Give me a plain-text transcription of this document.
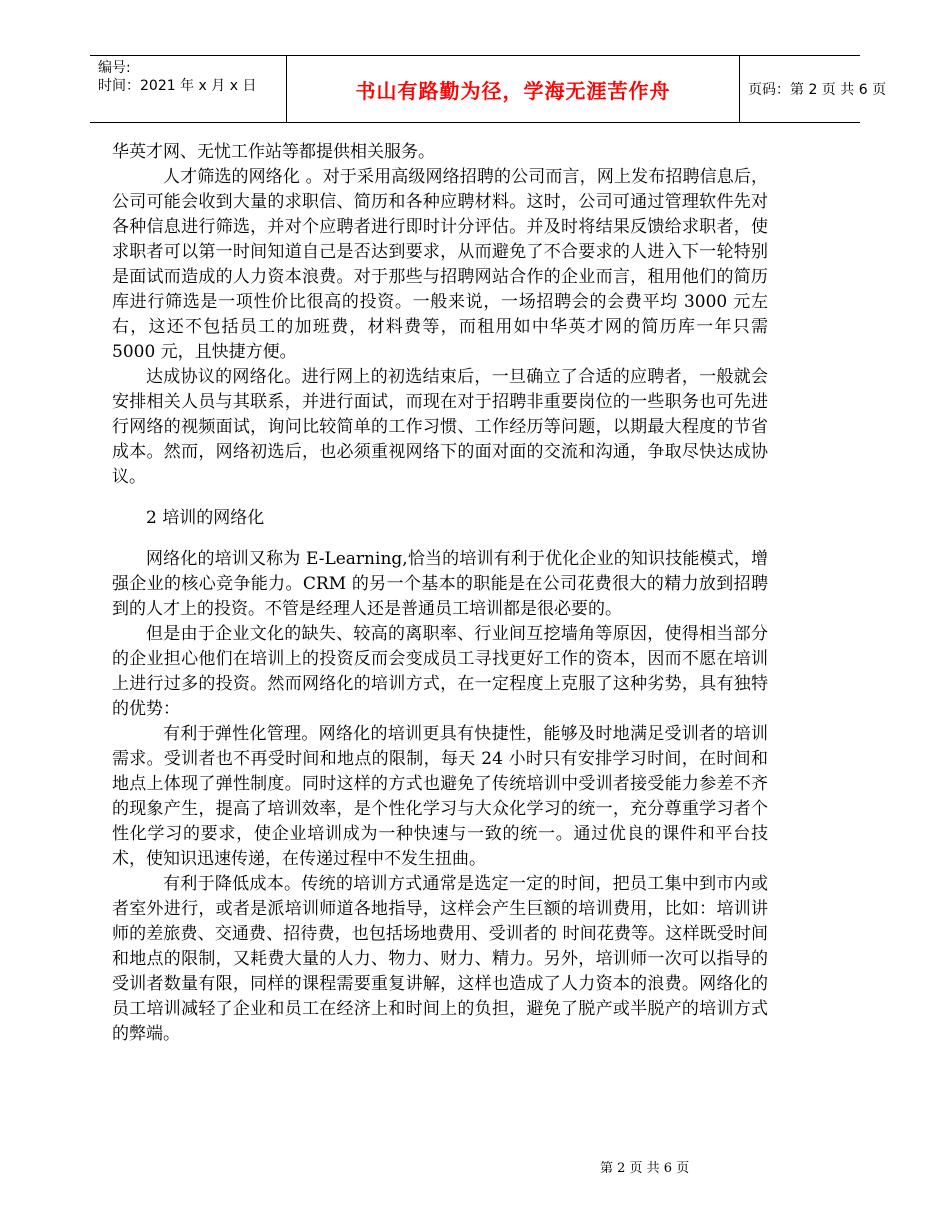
编号:
时间：2021 年 x 月 x 日	书山有路勤为径，学海无涯苦作舟	页码：第 2 页 共 6 页

华英才网、无忧工作站等都提供相关服务。

人才筛选的网络化 。对于采用高级网络招聘的公司而言，网上发布招聘信息后，公司可能会收到大量的求职信、简历和各种应聘材料。这时，公司可通过管理软件先对各种信息进行筛选，并对个应聘者进行即时计分评估。并及时将结果反馈给求职者，使求职者可以第一时间知道自己是否达到要求，从而避免了不合要求的人进入下一轮特别是面试而造成的人力资本浪费。对于那些与招聘网站合作的企业而言，租用他们的简历库进行筛选是一项性价比很高的投资。一般来说，一场招聘会的会费平均 3000 元左右，这还不包括员工的加班费，材料费等，而租用如中华英才网的简历库一年只需 5000 元，且快捷方便。

达成协议的网络化。进行网上的初选结束后，一旦确立了合适的应聘者，一般就会安排相关人员与其联系，并进行面试，而现在对于招聘非重要岗位的一些职务也可先进行网络的视频面试，询问比较简单的工作习惯、工作经历等问题，以期最大程度的节省成本。然而，网络初选后，也必须重视网络下的面对面的交流和沟通，争取尽快达成协议。

2 培训的网络化

网络化的培训又称为 E-Learning,恰当的培训有利于优化企业的知识技能模式，增强企业的核心竞争能力。CRM 的另一个基本的职能是在公司花费很大的精力放到招聘到的人才上的投资。不管是经理人还是普通员工培训都是很必要的。

但是由于企业文化的缺失、较高的离职率、行业间互挖墙角等原因，使得相当部分的企业担心他们在培训上的投资反而会变成员工寻找更好工作的资本，因而不愿在培训上进行过多的投资。然而网络化的培训方式，在一定程度上克服了这种劣势，具有独特的优势：

有利于弹性化管理。网络化的培训更具有快捷性，能够及时地满足受训者的培训需求。受训者也不再受时间和地点的限制，每天 24 小时只有安排学习时间，在时间和地点上体现了弹性制度。同时这样的方式也避免了传统培训中受训者接受能力参差不齐的现象产生，提高了培训效率，是个性化学习与大众化学习的统一，充分尊重学习者个性化学习的要求，使企业培训成为一种快速与一致的统一。通过优良的课件和平台技术，使知识迅速传递，在传递过程中不发生扭曲。

有利于降低成本。传统的培训方式通常是选定一定的时间，把员工集中到市内或者室外进行，或者是派培训师道各地指导，这样会产生巨额的培训费用，比如：培训讲师的差旅费、交通费、招待费，也包括场地费用、受训者的 时间花费等。这样既受时间和地点的限制，又耗费大量的人力、物力、财力、精力。另外，培训师一次可以指导的受训者数量有限，同样的课程需要重复讲解，这样也造成了人力资本的浪费。网络化的员工培训减轻了企业和员工在经济上和时间上的负担，避免了脱产或半脱产的培训方式的弊端。

第 2 页 共 6 页
